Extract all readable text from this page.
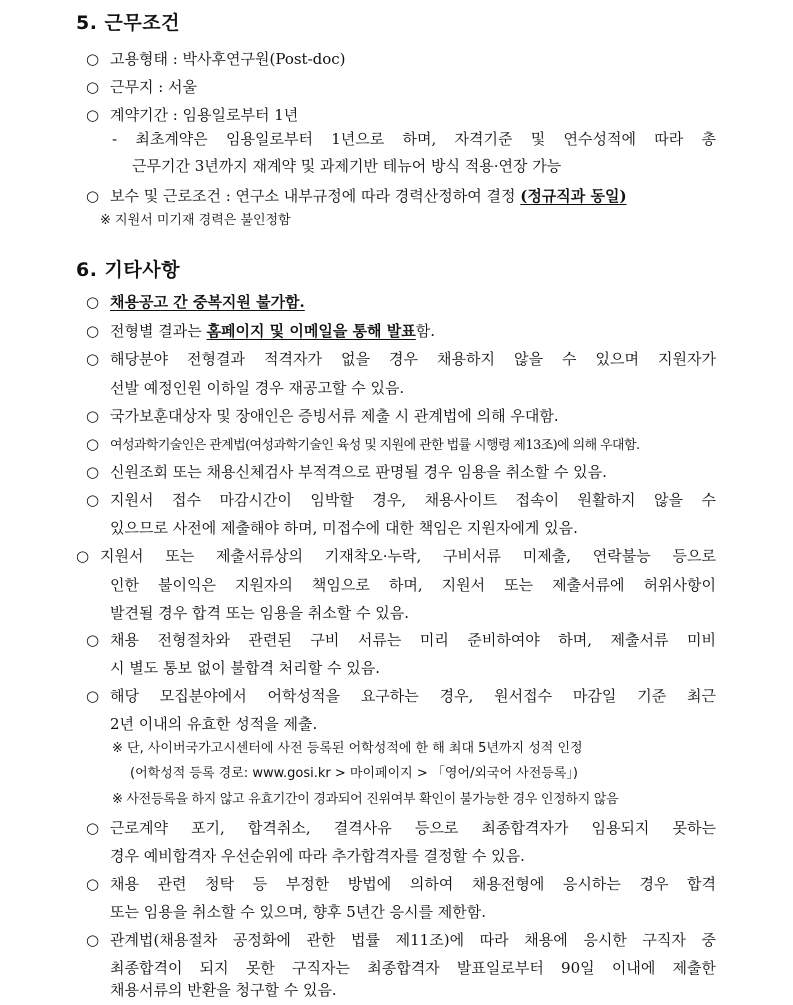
5. 근무조건
○ 고용형태 : 박사후연구원(Post-doc)
○ 근무지 : 서울
○ 계약기간 : 임용일로부터 1년
- 최초계약은 임용일로부터 1년으로 하며, 자격기준 및 연수성적에 따라 총
근무기간 3년까지 재계약 및 과제기반 테뉴어 방식 적용·연장 가능
○ 보수 및 근로조건 : 연구소 내부규정에 따라 경력산정하여 결정 (정규직과 동일)
※ 지원서 미기재 경력은 불인정함
6. 기타사항
○ 채용공고 간 중복지원 불가함.
○ 전형별 결과는 홈페이지 및 이메일을 통해 발표함.
○ 해당분야 전형결과 적격자가 없을 경우 채용하지 않을 수 있으며 지원자가
선발 예정인원 이하일 경우 재공고할 수 있음.
○ 국가보훈대상자 및 장애인은 증빙서류 제출 시 관계법에 의해 우대함.
○ 여성과학기술인은 관계법(여성과학기술인 육성 및 지원에 관한 법률 시행령 제13조)에 의해 우대함.
○ 신원조회 또는 채용신체검사 부적격으로 판명될 경우 임용을 취소할 수 있음.
○ 지원서 접수 마감시간이 임박할 경우, 채용사이트 접속이 원활하지 않을 수
있으므로 사전에 제출해야 하며, 미접수에 대한 책임은 지원자에게 있음.
○ 지원서 또는 제출서류상의 기재착오·누락, 구비서류 미제출, 연락불능 등으로
인한 불이익은 지원자의 책임으로 하며, 지원서 또는 제출서류에 허위사항이
발견될 경우 합격 또는 임용을 취소할 수 있음.
○ 채용 전형절차와 관련된 구비 서류는 미리 준비하여야 하며, 제출서류 미비
시 별도 통보 없이 불합격 처리할 수 있음.
○ 해당 모집분야에서 어학성적을 요구하는 경우, 원서접수 마감일 기준 최근
2년 이내의 유효한 성적을 제출.
※ 단, 사이버국가고시센터에 사전 등록된 어학성적에 한 해 최대 5년까지 성적 인정
(어학성적 등록 경로: www.gosi.kr > 마이페이지 > 「영어/외국어 사전등록」)
※ 사전등록을 하지 않고 유효기간이 경과되어 진위여부 확인이 불가능한 경우 인정하지 않음
○ 근로계약 포기, 합격취소, 결격사유 등으로 최종합격자가 임용되지 못하는
경우 예비합격자 우선순위에 따라 추가합격자를 결정할 수 있음.
○ 채용 관련 청탁 등 부정한 방법에 의하여 채용전형에 응시하는 경우 합격
또는 임용을 취소할 수 있으며, 향후 5년간 응시를 제한함.
○ 관계법(채용절차 공정화에 관한 법률 제11조)에 따라 채용에 응시한 구직자 중
최종합격이 되지 못한 구직자는 최종합격자 발표일로부터 90일 이내에 제출한
채용서류의 반환을 청구할 수 있음.
